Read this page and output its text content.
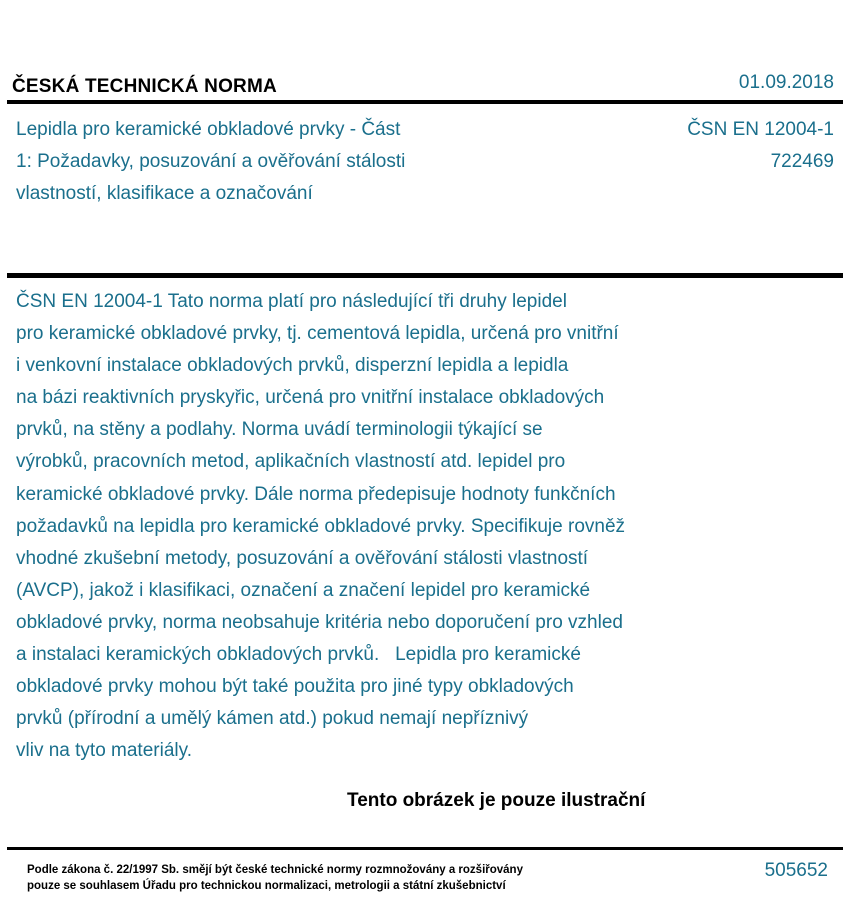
ČESKÁ TECHNICKÁ NORMA	01.09.2018
Lepidla pro keramické obkladové prvky - Část
1: Požadavky, posuzování a ověřování stálosti
vlastností, klasifikace a označování
ČSN EN 12004-1
722469

ČSN EN 12004-1 Tato norma platí pro následující tři druhy lepidel
pro keramické obkladové prvky, tj. cementová lepidla, určená pro vnitřní
i venkovní instalace obkladových prvků, disperzní lepidla a lepidla
na bázi reaktivních pryskyřic, určená pro vnitřní instalace obkladových
prvků, na stěny a podlahy. Norma uvádí terminologii týkající se
výrobků, pracovních metod, aplikačních vlastností atd. lepidel pro
keramické obkladové prvky. Dále norma předepisuje hodnoty funkčních
požadavků na lepidla pro keramické obkladové prvky. Specifikuje rovněž
vhodné zkušební metody, posuzování a ověřování stálosti vlastností
(AVCP), jakož i klasifikaci, označení a značení lepidel pro keramické
obkladové prvky, norma neobsahuje kritéria nebo doporučení pro vzhled
a instalaci keramických obkladových prvků.   Lepidla pro keramické
obkladové prvky mohou být také použita pro jiné typy obkladových
prvků (přírodní a umělý kámen atd.) pokud nemají nepříznivý
vliv na tyto materiály.

Tento obrázek je pouze ilustrační
Podle zákona č. 22/1997 Sb. smějí být české technické normy rozmnožovány a rozšiřovány
pouze se souhlasem Úřadu pro technickou normalizaci, metrologii a státní zkušebnictví
505652
